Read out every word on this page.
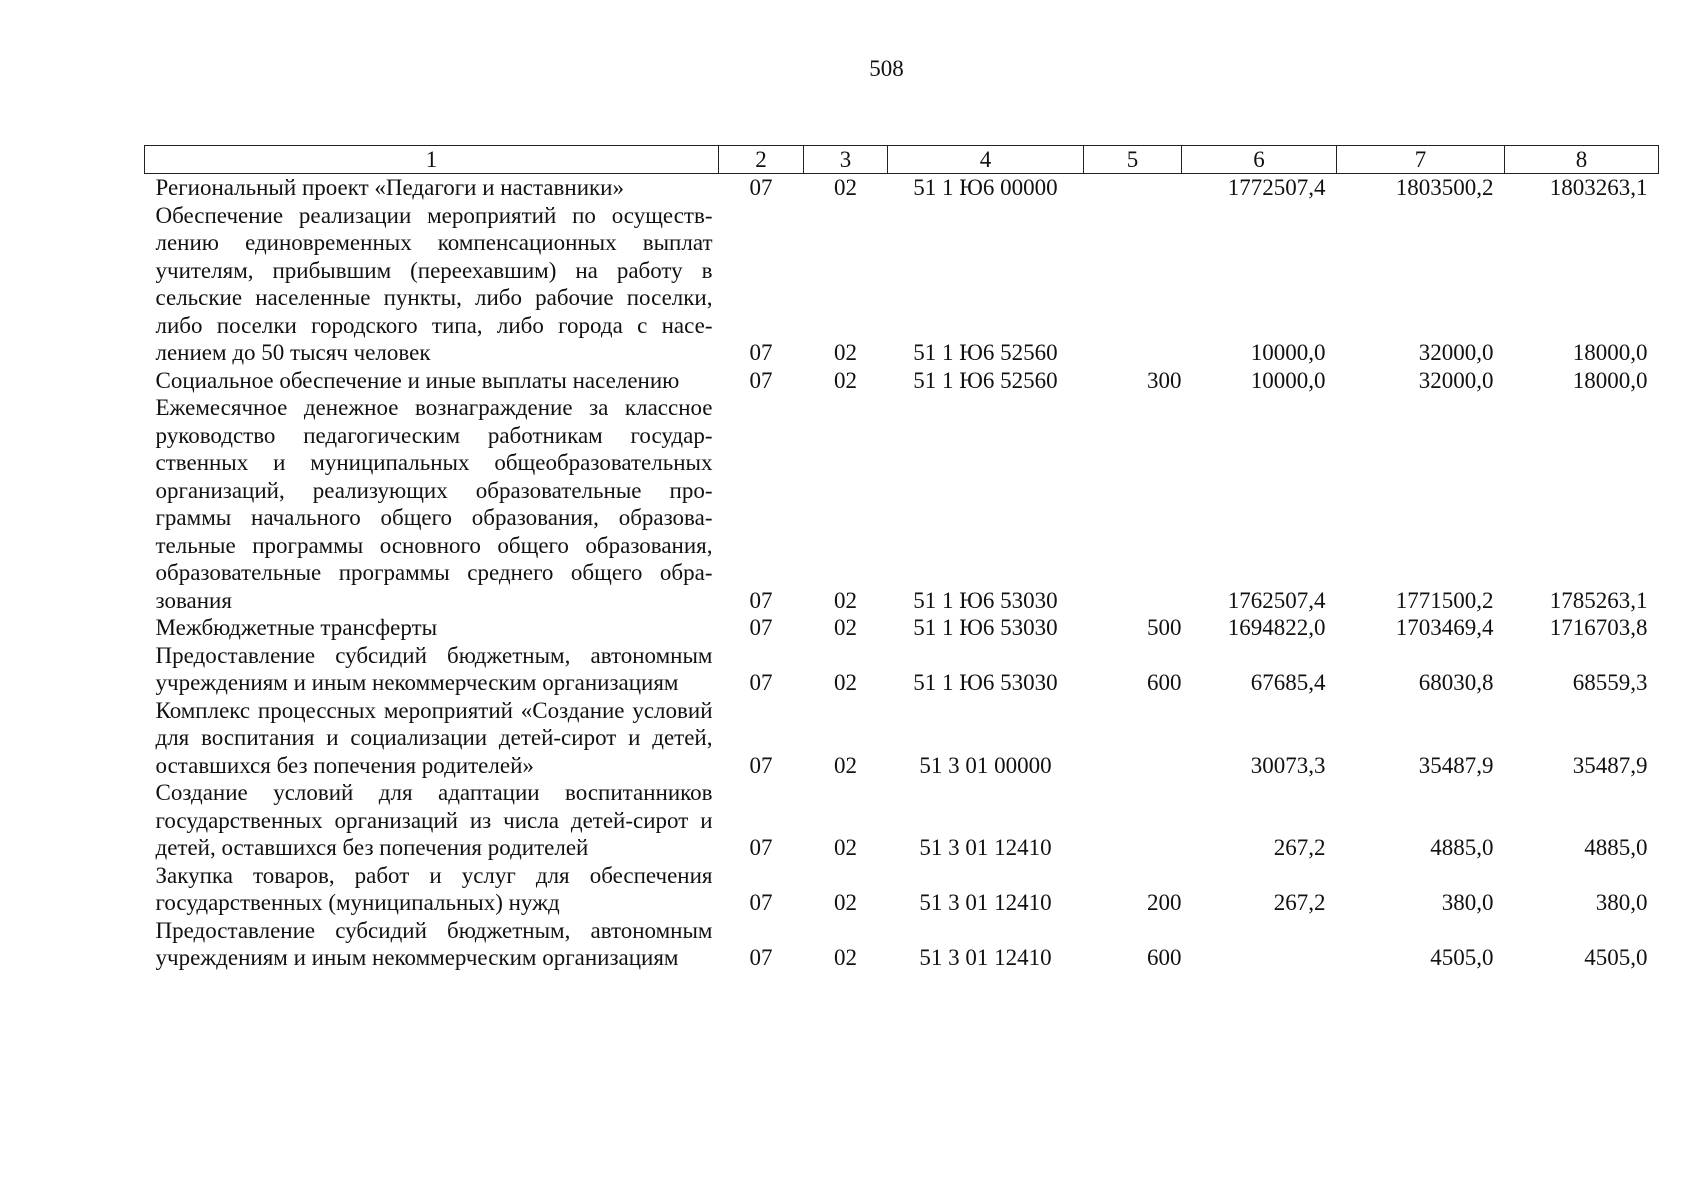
508
1	2	3	4	5	6	7	8
Региональный проект «Педагоги и наставники»	07	02	51 1 Ю6 00000		1772507,4	1803500,2	1803263,1
Обеспечение реализации мероприятий по осуществлению единовременных компенсационных выплат учителям, прибывшим (переехавшим) на работу в сельские населенные пункты, либо рабочие поселки, либо поселки городского типа, либо города с населением до 50 тысяч человек	07	02	51 1 Ю6 52560		10000,0	32000,0	18000,0
Социальное обеспечение и иные выплаты населению	07	02	51 1 Ю6 52560	300	10000,0	32000,0	18000,0
Ежемесячное денежное вознаграждение за классное руководство педагогическим работникам государственных и муниципальных общеобразовательных организаций, реализующих образовательные программы начального общего образования, образовательные программы основного общего образования, образовательные программы среднего общего образования	07	02	51 1 Ю6 53030		1762507,4	1771500,2	1785263,1
Межбюджетные трансферты	07	02	51 1 Ю6 53030	500	1694822,0	1703469,4	1716703,8
Предоставление субсидий бюджетным, автономным учреждениям и иным некоммерческим организациям	07	02	51 1 Ю6 53030	600	67685,4	68030,8	68559,3
Комплекс процессных мероприятий «Создание условий для воспитания и социализации детей-сирот и детей, оставшихся без попечения родителей»	07	02	51 3 01 00000		30073,3	35487,9	35487,9
Создание условий для адаптации воспитанников государственных организаций из числа детей-сирот и детей, оставшихся без попечения родителей	07	02	51 3 01 12410		267,2	4885,0	4885,0
Закупка товаров, работ и услуг для обеспечения государственных (муниципальных) нужд	07	02	51 3 01 12410	200	267,2	380,0	380,0
Предоставление субсидий бюджетным, автономным учреждениям и иным некоммерческим организациям	07	02	51 3 01 12410	600		4505,0	4505,0
